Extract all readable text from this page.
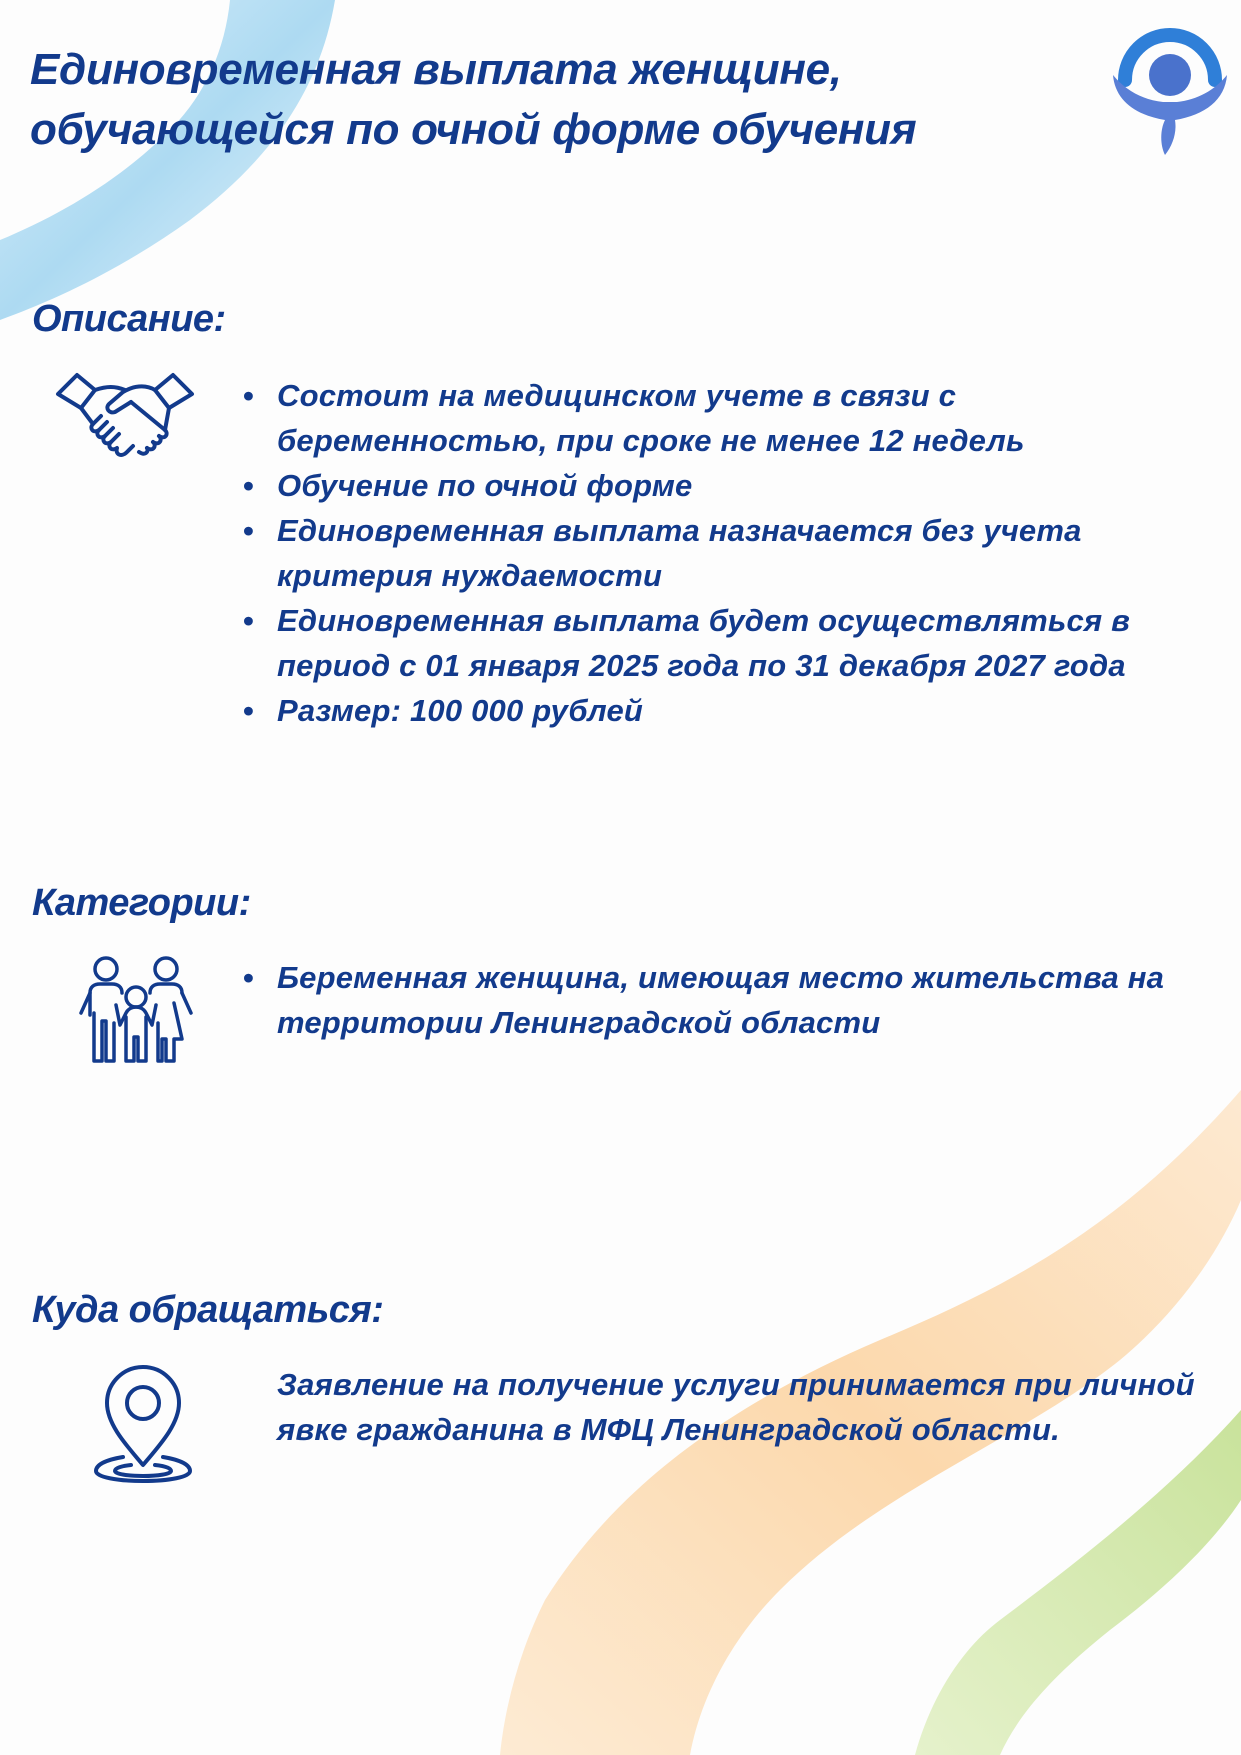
Единовременная выплата женщине,
обучающейся по очной форме обучения
Описание:
• Состоит на медицинском учете в связи с беременностью, при сроке не менее 12 недель
• Обучение по очной форме
• Единовременная выплата назначается без учета критерия нуждаемости
• Единовременная выплата будет осуществляться в период с 01 января 2025 года по 31 декабря 2027 года
• Размер: 100 000 рублей
Категории:
• Беременная женщина, имеющая место жительства на территории Ленинградской области
Куда обращаться:

Заявление на получение услуги принимается при личной явке гражданина в МФЦ Ленинградской области.
